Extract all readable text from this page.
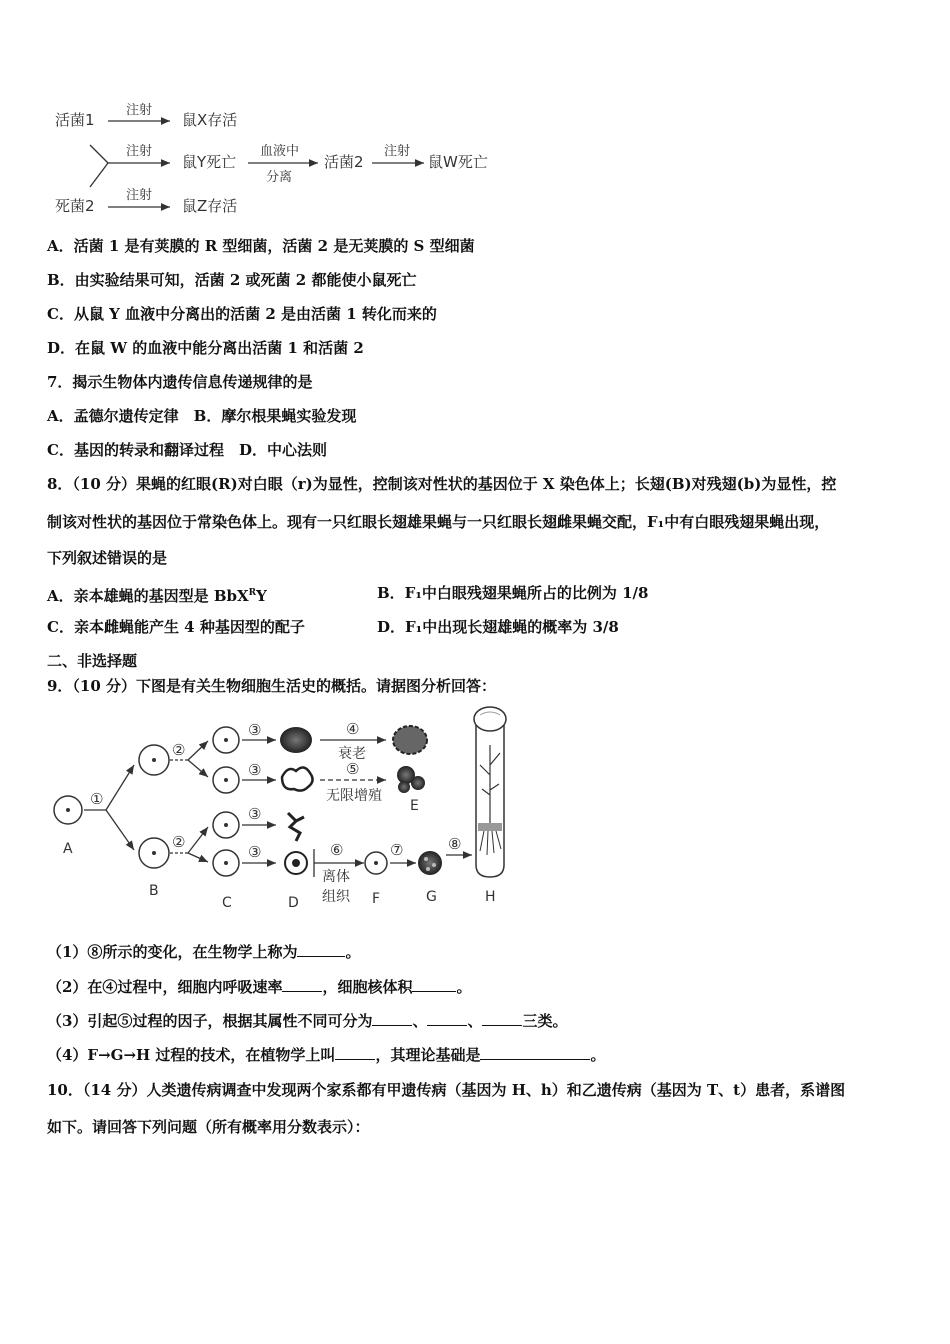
活菌1
注射
鼠X存活
注射
鼠Y死亡
血液中
分离
活菌2
注射
鼠W死亡
死菌2
注射
鼠Z存活
A．活菌 1 是有荚膜的 R 型细菌，活菌 2 是无荚膜的 S 型细菌
B．由实验结果可知，活菌 2 或死菌 2 都能使小鼠死亡
C．从鼠 Y 血液中分离出的活菌 2 是由活菌 1 转化而来的
D．在鼠 W 的血液中能分离出活菌 1 和活菌 2
7．揭示生物体内遗传信息传递规律的是
A．孟德尔遗传定律　B．摩尔根果蝇实验发现
C．基因的转录和翻译过程　D．中心法则
8．（10 分）果蝇的红眼(R)对白眼（r)为显性，控制该对性状的基因位于 X 染色体上；长翅(B)对残翅(b)为显性，控
制该对性状的基因位于常染色体上。现有一只红眼长翅雄果蝇与一只红眼长翅雌果蝇交配，F₁中有白眼残翅果蝇出现，
下列叙述错误的是
A．亲本雄蝇的基因型是 BbX$^R$Y	B．F₁中白眼残翅果蝇所占的比例为 1/8
C．亲本雌蝇能产生 4 种基因型的配子	D．F₁中出现长翅雄蝇的概率为 3/8
二、非选择题
9．（10 分）下图是有关生物细胞生活史的概括。请据图分析回答：
A
①
B
②
②
C
③
③
③
③
D
④
衰老
⑤
无限增殖
E
⑥
离体
组织 F
⑦
G
⑧
H
（1）⑧所示的变化，在生物学上称为	。
（2）在④过程中，细胞内呼吸速率	，细胞核体积	。
（3）引起⑤过程的因子，根据其属性不同可分为	、	、	三类。
（4）F→G→H 过程的技术，在植物学上叫	，其理论基础是	。
10．（14 分）人类遗传病调查中发现两个家系都有甲遗传病（基因为 H、h）和乙遗传病（基因为 T、t）患者，系谱图
如下。请回答下列问题（所有概率用分数表示）：
